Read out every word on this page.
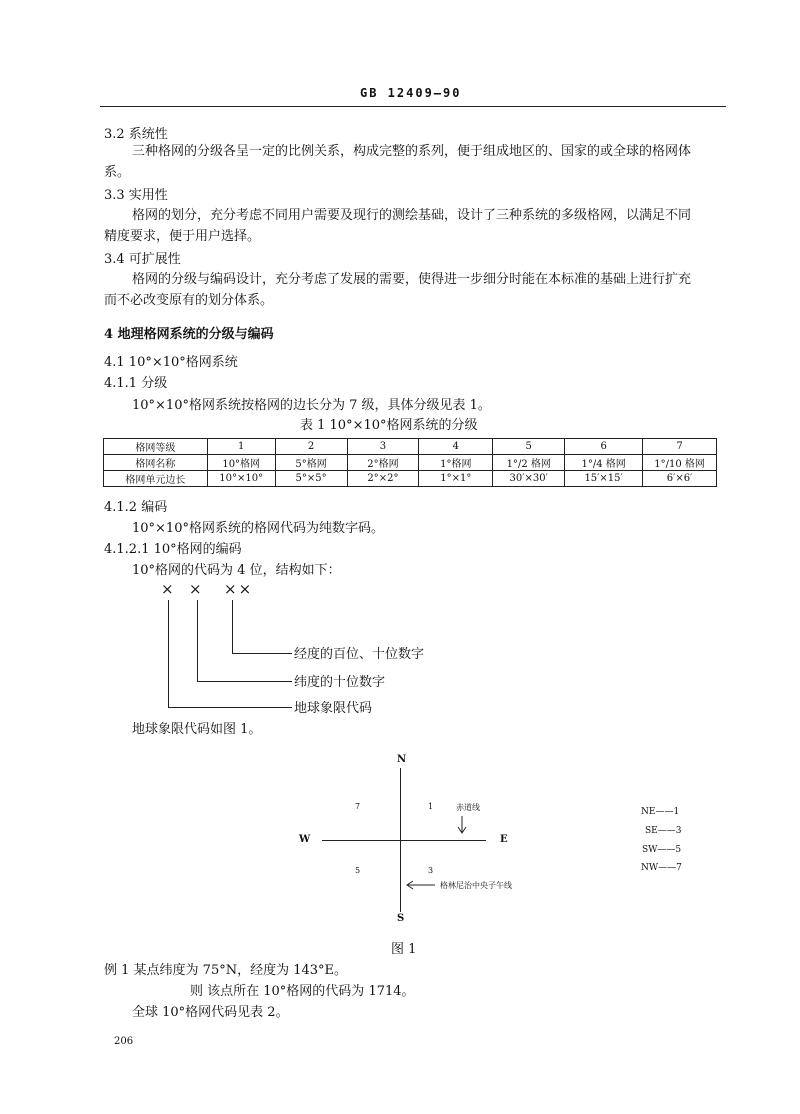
GB 12409—90
3.2 系统性
三种格网的分级各呈一定的比例关系，构成完整的系列，便于组成地区的、国家的或全球的格网体
系。
3.3 实用性
格网的划分，充分考虑不同用户需要及现行的测绘基础，设计了三种系统的多级格网，以满足不同
精度要求，便于用户选择。
3.4 可扩展性
格网的分级与编码设计，充分考虑了发展的需要，使得进一步细分时能在本标准的基础上进行扩充
而不必改变原有的划分体系。
4 地理格网系统的分级与编码
4.1 10°×10°格网系统
4.1.1 分级
10°×10°格网系统按格网的边长分为 7 级，具体分级见表 1。
表 1 10°×10°格网系统的分级
格网等级	1	2	3	4	5	6	7
格网名称	10°格网	5°格网	2°格网	1°格网	1°/2 格网	1°/4 格网	1°/10 格网
格网单元边长	10°×10°	5°×5°	2°×2°	1°×1°	30′×30′	15′×15′	6′×6′
4.1.2 编码
10°×10°格网系统的格网代码为纯数字码。
4.1.2.1 10°格网的编码
10°格网的代码为 4 位，结构如下：
× × ××
经度的百位、十位数字
纬度的十位数字
地球象限代码
地球象限代码如图 1。
N
S
W	E
7	1
5	3
赤道线
格林尼治中央子午线
NE——1
SE——3
SW——5
NW——7
图 1
例 1 某点纬度为 75°N，经度为 143°E。
则 该点所在 10°格网的代码为 1714。
全球 10°格网代码见表 2。
206
